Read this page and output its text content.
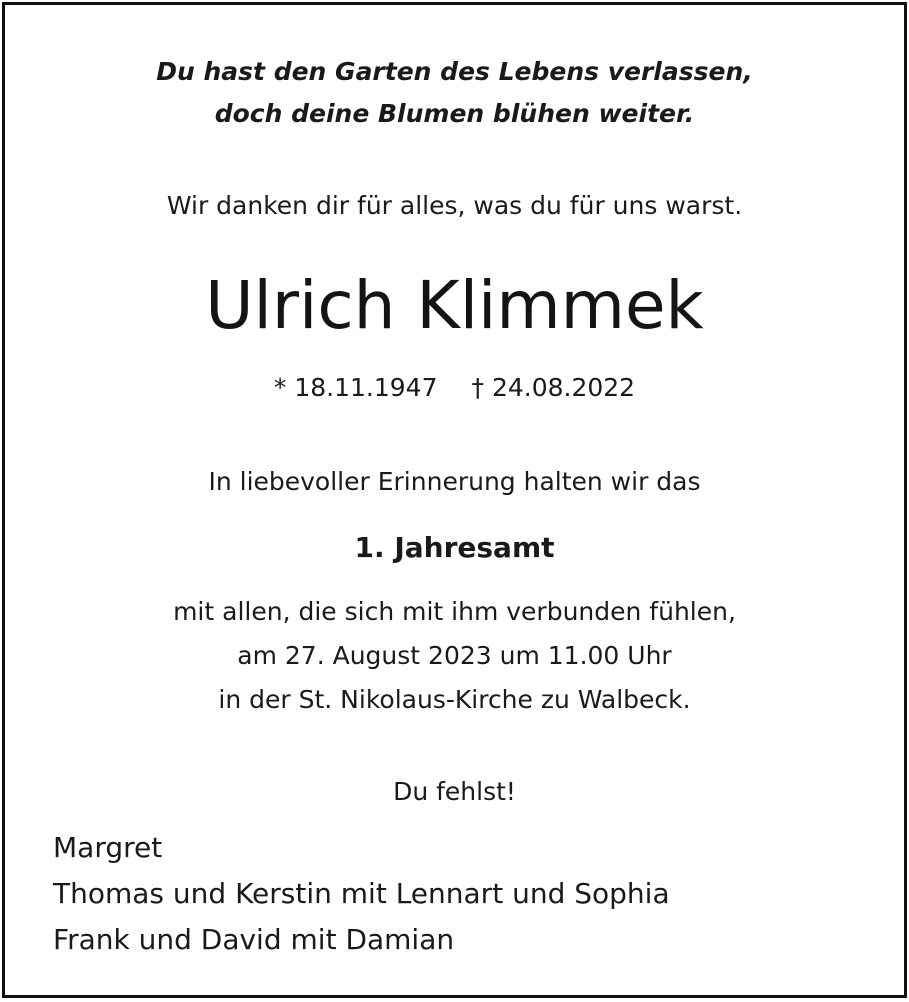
Du hast den Garten des Lebens verlassen,
doch deine Blumen blühen weiter.
Wir danken dir für alles, was du für uns warst.
Ulrich Klimmek
* 18.11.1947 † 24.08.2022
In liebevoller Erinnerung halten wir das
1. Jahresamt
mit allen, die sich mit ihm verbunden fühlen,
am 27. August 2023 um 11.00 Uhr
in der St. Nikolaus-Kirche zu Walbeck.
Du fehlst!
Margret
Thomas und Kerstin mit Lennart und Sophia
Frank und David mit Damian
